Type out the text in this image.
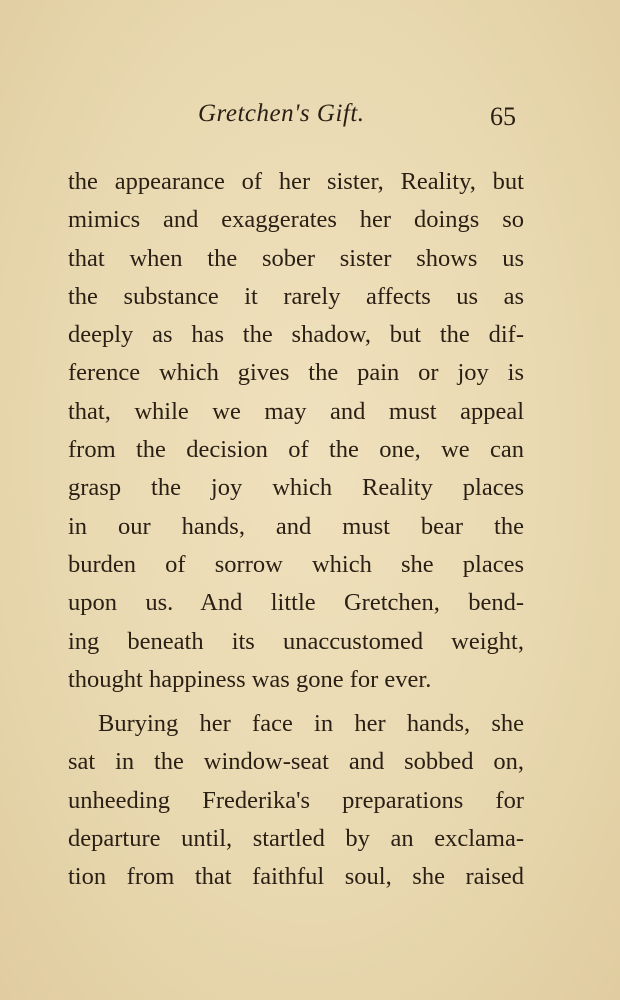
Gretchen's Gift.	65
the appearance of her sister, Reality, but
mimics and exaggerates her doings so
that when the sober sister shows us
the substance it rarely affects us as
deeply as has the shadow, but the dif-
ference which gives the pain or joy is
that, while we may and must appeal
from the decision of the one, we can
grasp the joy which Reality places
in our hands, and must bear the
burden of sorrow which she places
upon us. And little Gretchen, bend-
ing beneath its unaccustomed weight,
thought happiness was gone for ever.
Burying her face in her hands, she
sat in the window-seat and sobbed on,
unheeding Frederika's preparations for
departure until, startled by an exclama-
tion from that faithful soul, she raised
